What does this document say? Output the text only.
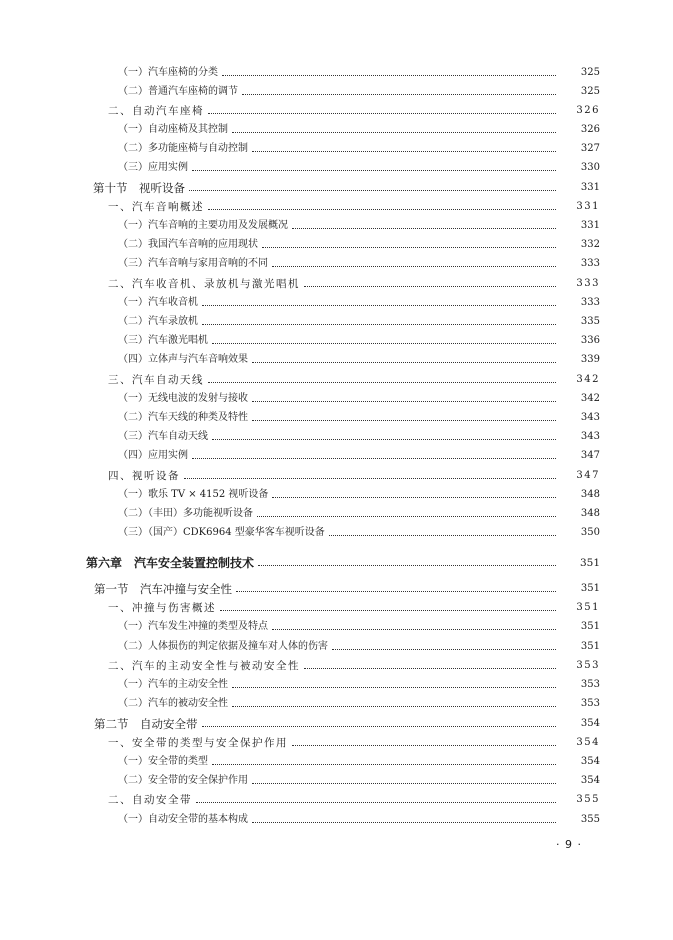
（一）汽车座椅的分类	325
（二）普通汽车座椅的调节	325
二、自动汽车座椅	326
（一）自动座椅及其控制	326
（二）多功能座椅与自动控制	327
（三）应用实例	330
第十节　视听设备	331
一、汽车音响概述	331
（一）汽车音响的主要功用及发展概况	331
（二）我国汽车音响的应用现状	332
（三）汽车音响与家用音响的不同	333
二、汽车收音机、录放机与激光唱机	333
（一）汽车收音机	333
（二）汽车录放机	335
（三）汽车激光唱机	336
（四）立体声与汽车音响效果	339
三、汽车自动天线	342
（一）无线电波的发射与接收	342
（二）汽车天线的种类及特性	343
（三）汽车自动天线	343
（四）应用实例	347
四、视听设备	347
（一）歌乐 TV × 4152 视听设备	348
（二）（丰田）多功能视听设备	348
（三）（国产）CDK6964 型豪华客车视听设备	350
第六章　汽车安全装置控制技术	351
第一节　汽车冲撞与安全性	351
一、冲撞与伤害概述	351
（一）汽车发生冲撞的类型及特点	351
（二）人体损伤的判定依据及撞车对人体的伤害	351
二、汽车的主动安全性与被动安全性	353
（一）汽车的主动安全性	353
（二）汽车的被动安全性	353
第二节　自动安全带	354
一、安全带的类型与安全保护作用	354
（一）安全带的类型	354
（二）安全带的安全保护作用	354
二、自动安全带	355
（一）自动安全带的基本构成	355
· 9 ·
